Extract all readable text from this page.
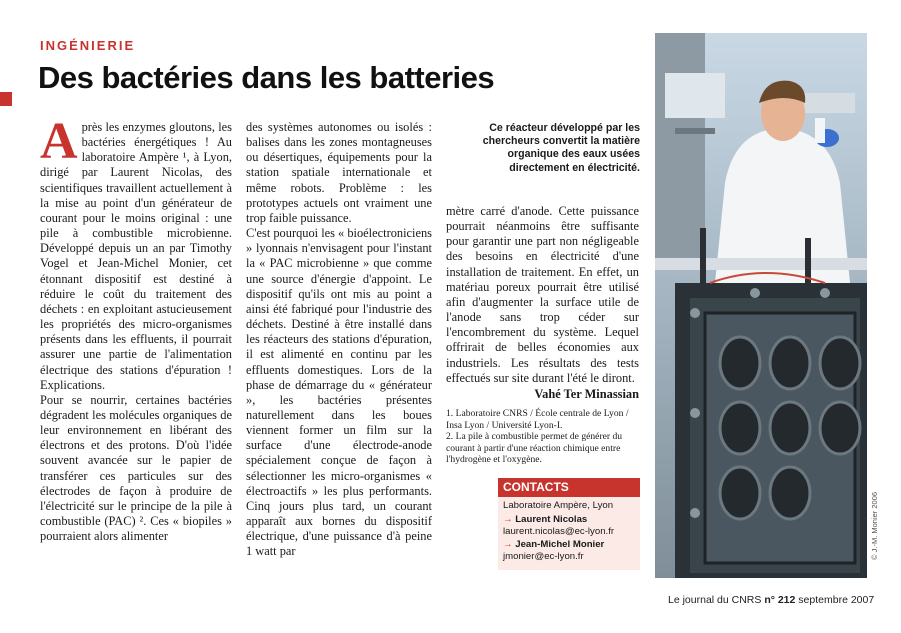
INGÉNIERIE
Des bactéries dans les batteries

Après les enzymes gloutons, les bactéries énergétiques ! Au laboratoire Ampère ¹, à Lyon, dirigé par Laurent Nicolas, des scientifiques travaillent actuellement à la mise au point d'un générateur de courant pour le moins original : une pile à combustible microbienne. Développé depuis un an par Timothy Vogel et Jean-Michel Monier, cet étonnant dispositif est destiné à réduire le coût du traitement des déchets : en exploitant astucieusement les propriétés des micro-organismes présents dans les effluents, il pourrait assurer une partie de l'alimentation électrique des stations d'épuration ! Explications.

Pour se nourrir, certaines bactéries dégradent les molécules organiques de leur environnement en libérant des électrons et des protons. D'où l'idée souvent avancée sur le papier de transférer ces particules sur des électrodes de façon à produire de l'électricité sur le principe de la pile à combustible (PAC) ². Ces « biopiles » pourraient alors alimenter

des systèmes autonomes ou isolés : balises dans les zones montagneuses ou désertiques, équipements pour la station spatiale internationale et même robots. Problème : les prototypes actuels ont vraiment une trop faible puissance.

C'est pourquoi les « bioélectroniciens » lyonnais n'envisagent pour l'instant la « PAC microbienne » que comme une source d'énergie d'appoint. Le dispositif qu'ils ont mis au point a ainsi été fabriqué pour l'industrie des déchets. Destiné à être installé dans les réacteurs des stations d'épuration, il est alimenté en continu par les effluents domestiques. Lors de la phase de démarrage du « générateur », les bactéries présentes naturellement dans les boues viennent former un film sur la surface d'une électrode-anode spécialement conçue de façon à sélectionner les micro-organismes « électroactifs » les plus performants. Cinq jours plus tard, un courant apparaît aux bornes du dispositif électrique, d'une puissance d'à peine 1 watt par

Ce réacteur développé par les chercheurs convertit la matière organique des eaux usées directement en électricité.

mètre carré d'anode. Cette puissance pourrait néanmoins être suffisante pour garantir une part non négligeable des besoins en électricité d'une installation de traitement. En effet, un matériau poreux pourrait être utilisé afin d'augmenter la surface utile de l'anode sans trop céder sur l'encombrement du système. Lequel offrirait de belles économies aux industriels. Les résultats des tests effectués sur site durant l'été le diront.

Vahé Ter Minassian

1. Laboratoire CNRS / École centrale de Lyon / Insa Lyon / Université Lyon-I.

2. La pile à combustible permet de générer du courant à partir d'une réaction chimique entre l'hydrogène et l'oxygène.

CONTACTS
Laboratoire Ampère, Lyon
→ Laurent Nicolas
laurent.nicolas@ec-lyon.fr
→ Jean-Michel Monier
jmonier@ec-lyon.fr	© J.-M. Monier 2006
Le journal du CNRS n° 212 septembre 2007
